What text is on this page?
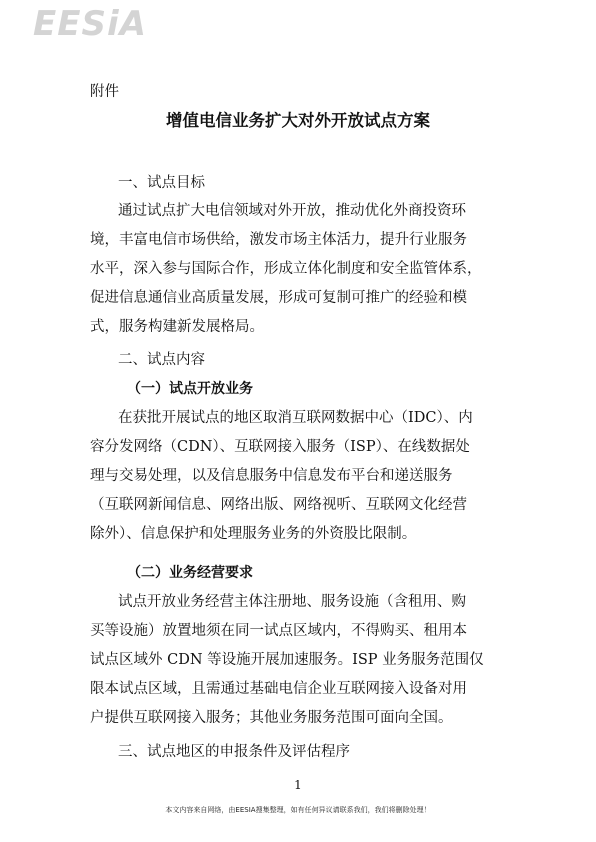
EESiA
附件
增值电信业务扩大对外开放试点方案
一、试点目标
通过试点扩大电信领域对外开放，推动优化外商投资环
境，丰富电信市场供给，激发市场主体活力，提升行业服务
水平，深入参与国际合作，形成立体化制度和安全监管体系，
促进信息通信业高质量发展，形成可复制可推广的经验和模
式，服务构建新发展格局。
二、试点内容
（一）试点开放业务
在获批开展试点的地区取消互联网数据中心（IDC）、内
容分发网络（CDN）、互联网接入服务（ISP）、在线数据处
理与交易处理，以及信息服务中信息发布平台和递送服务
（互联网新闻信息、网络出版、网络视听、互联网文化经营
除外）、信息保护和处理服务业务的外资股比限制。
（二）业务经营要求
试点开放业务经营主体注册地、服务设施（含租用、购
买等设施）放置地须在同一试点区域内，不得购买、租用本
试点区域外 CDN 等设施开展加速服务。ISP 业务服务范围仅
限本试点区域，且需通过基础电信企业互联网接入设备对用
户提供互联网接入服务；其他业务服务范围可面向全国。
三、试点地区的申报条件及评估程序
1
本文内容来自网络，由EESIA搜集整理，如有任何异议请联系我们，我们将删除处理！
